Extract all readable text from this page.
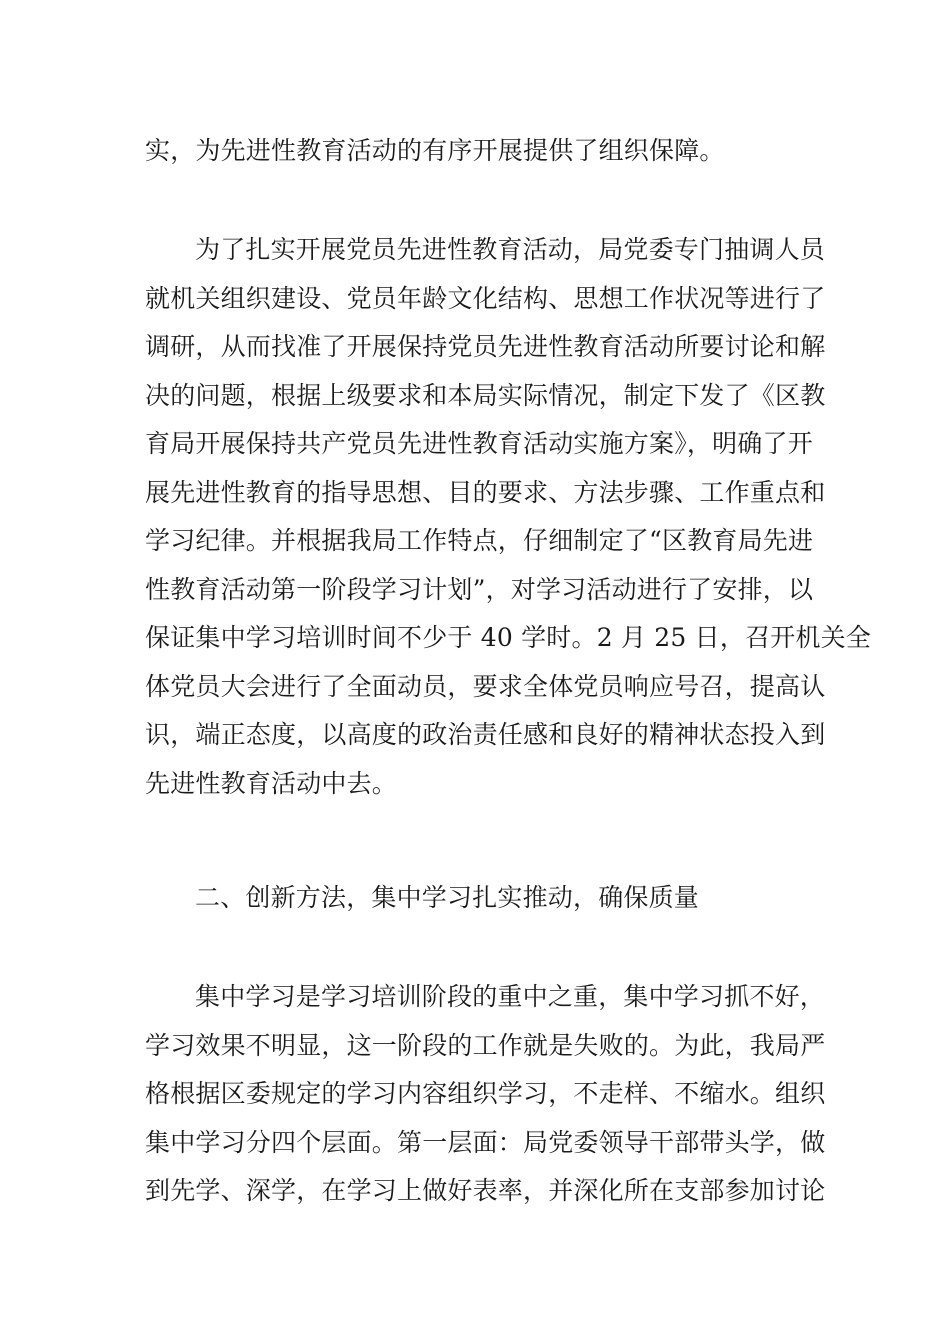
实，为先进性教育活动的有序开展提供了组织保障。

为了扎实开展党员先进性教育活动，局党委专门抽调人员
就机关组织建设、党员年龄文化结构、思想工作状况等进行了
调研，从而找准了开展保持党员先进性教育活动所要讨论和解
决的问题，根据上级要求和本局实际情况，制定下发了《区教
育局开展保持共产党员先进性教育活动实施方案》，明确了开
展先进性教育的指导思想、目的要求、方法步骤、工作重点和
学习纪律。并根据我局工作特点，仔细制定了“区教育局先进
性教育活动第一阶段学习计划”，对学习活动进行了安排，以
保证集中学习培训时间不少于 40 学时。2 月 25 日，召开机关全
体党员大会进行了全面动员，要求全体党员响应号召，提高认
识，端正态度，以高度的政治责任感和良好的精神状态投入到
先进性教育活动中去。

二、创新方法，集中学习扎实推动，确保质量

集中学习是学习培训阶段的重中之重，集中学习抓不好，
学习效果不明显，这一阶段的工作就是失败的。为此，我局严
格根据区委规定的学习内容组织学习，不走样、不缩水。组织
集中学习分四个层面。第一层面：局党委领导干部带头学，做
到先学、深学，在学习上做好表率，并深化所在支部参加讨论
